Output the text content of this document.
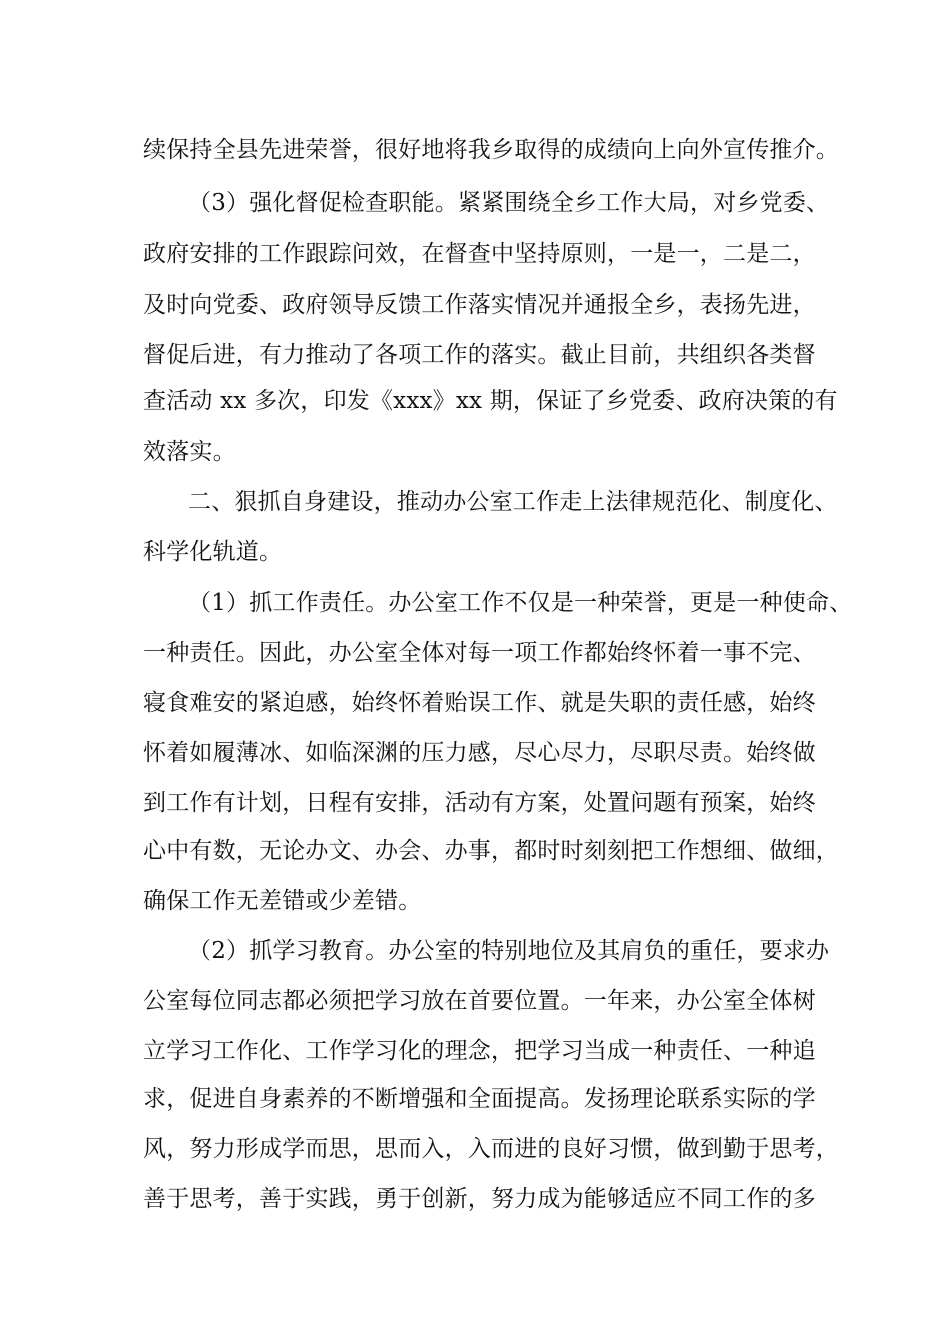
续保持全县先进荣誉，很好地将我乡取得的成绩向上向外宣传推介。
（3）强化督促检查职能。紧紧围绕全乡工作大局，对乡党委、
政府安排的工作跟踪问效，在督查中坚持原则，一是一，二是二，
及时向党委、政府领导反馈工作落实情况并通报全乡，表扬先进，
督促后进，有力推动了各项工作的落实。截止目前，共组织各类督
查活动 xx 多次，印发《xxx》xx 期，保证了乡党委、政府决策的有
效落实。
二、狠抓自身建设，推动办公室工作走上法律规范化、制度化、
科学化轨道。
（1）抓工作责任。办公室工作不仅是一种荣誉，更是一种使命、
一种责任。因此，办公室全体对每一项工作都始终怀着一事不完、
寝食难安的紧迫感，始终怀着贻误工作、就是失职的责任感，始终
怀着如履薄冰、如临深渊的压力感，尽心尽力，尽职尽责。始终做
到工作有计划，日程有安排，活动有方案，处置问题有预案，始终
心中有数，无论办文、办会、办事，都时时刻刻把工作想细、做细，
确保工作无差错或少差错。
（2）抓学习教育。办公室的特别地位及其肩负的重任，要求办
公室每位同志都必须把学习放在首要位置。一年来，办公室全体树
立学习工作化、工作学习化的理念，把学习当成一种责任、一种追
求，促进自身素养的不断增强和全面提高。发扬理论联系实际的学
风，努力形成学而思，思而入，入而进的良好习惯，做到勤于思考，
善于思考，善于实践，勇于创新，努力成为能够适应不同工作的多
